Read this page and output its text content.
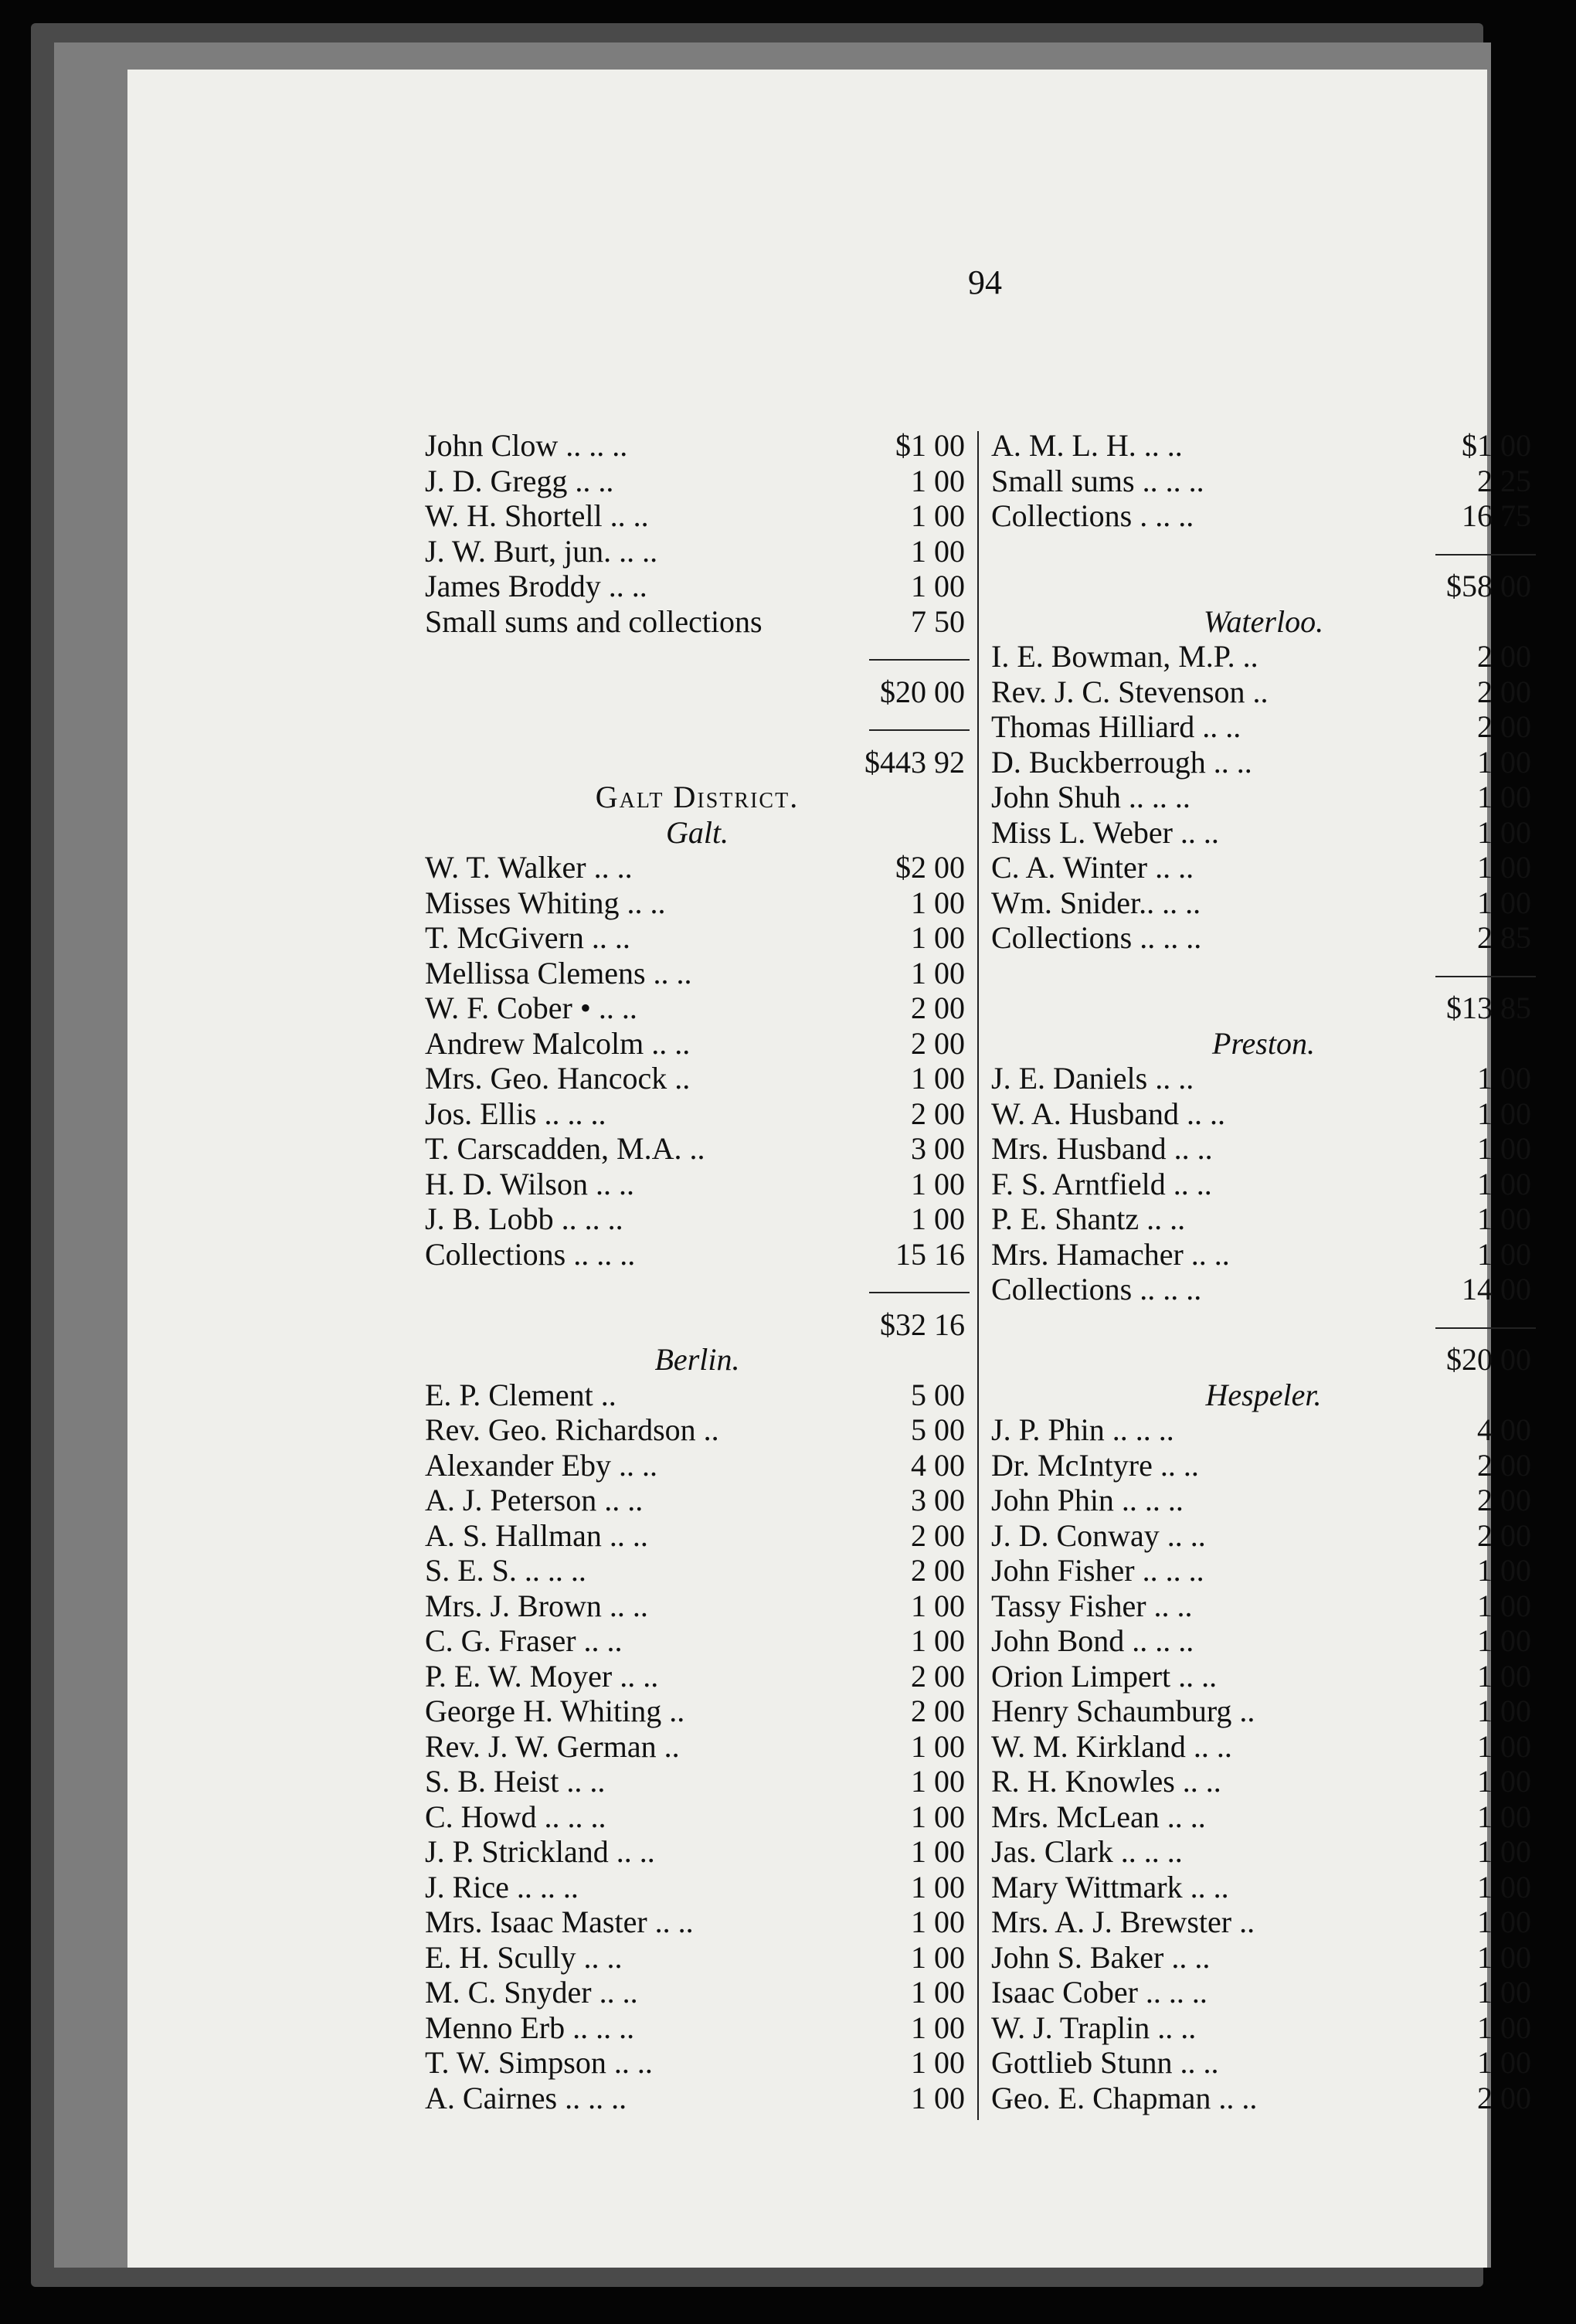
94
John Clow .. .. ..	$1 00
J. D. Gregg .. ..	1 00
W. H. Shortell .. ..	1 00
J. W. Burt, jun. .. ..	1 00
James Broddy .. ..	1 00
Small sums and collections	7 50
$20 00
$443 92
Galt District.
Galt.
W. T. Walker .. ..	$2 00
Misses Whiting .. ..	1 00
T. McGivern .. ..	1 00
Mellissa Clemens .. ..	1 00
W. F. Cober • .. ..	2 00
Andrew Malcolm .. ..	2 00
Mrs. Geo. Hancock ..	1 00
Jos. Ellis .. .. ..	2 00
T. Carscadden, M.A. ..	3 00
H. D. Wilson .. ..	1 00
J. B. Lobb .. .. ..	1 00
Collections .. .. ..	15 16
$32 16
Berlin.
E. P. Clement ..	5 00
Rev. Geo. Richardson ..	5 00
Alexander Eby .. ..	4 00
A. J. Peterson .. ..	3 00
A. S. Hallman .. ..	2 00
S. E. S. .. .. ..	2 00
Mrs. J. Brown .. ..	1 00
C. G. Fraser .. ..	1 00
P. E. W. Moyer .. ..	2 00
George H. Whiting ..	2 00
Rev. J. W. German ..	1 00
S. B. Heist .. ..	1 00
C. Howd .. .. ..	1 00
J. P. Strickland .. ..	1 00
J. Rice .. .. ..	1 00
Mrs. Isaac Master .. ..	1 00
E. H. Scully .. ..	1 00
M. C. Snyder .. ..	1 00
Menno Erb .. .. ..	1 00
T. W. Simpson .. ..	1 00
A. Cairnes .. .. ..	1 00
A. M. L. H. .. ..	$1 00
Small sums .. .. ..	2 25
Collections . .. ..	16 75
$58 00
Waterloo.
I. E. Bowman, M.P. ..	2 00
Rev. J. C. Stevenson ..	2 00
Thomas Hilliard .. ..	2 00
D. Buckberrough .. ..	1 00
John Shuh .. .. ..	1 00
Miss L. Weber .. ..	1 00
C. A. Winter .. ..	1 00
Wm. Snider.. .. ..	1 00
Collections .. .. ..	2 85
$13 85
Preston.
J. E. Daniels .. ..	1 00
W. A. Husband .. ..	1 00
Mrs. Husband .. ..	1 00
F. S. Arntfield .. ..	1 00
P. E. Shantz .. ..	1 00
Mrs. Hamacher .. ..	1 00
Collections .. .. ..	14 00
$20 00
Hespeler.
J. P. Phin .. .. ..	4 00
Dr. McIntyre .. ..	2 00
John Phin .. .. ..	2 00
J. D. Conway .. ..	2 00
John Fisher .. .. ..	1 00
Tassy Fisher .. ..	1 00
John Bond .. .. ..	1 00
Orion Limpert .. ..	1 00
Henry Schaumburg ..	1 00
W. M. Kirkland .. ..	1 00
R. H. Knowles .. ..	1 00
Mrs. McLean .. ..	1 00
Jas. Clark .. .. ..	1 00
Mary Wittmark .. ..	1 00
Mrs. A. J. Brewster ..	1 00
John S. Baker .. ..	1 00
Isaac Cober .. .. ..	1 00
W. J. Traplin .. ..	1 00
Gottlieb Stunn .. ..	1 00
Geo. E. Chapman .. ..	2 00
